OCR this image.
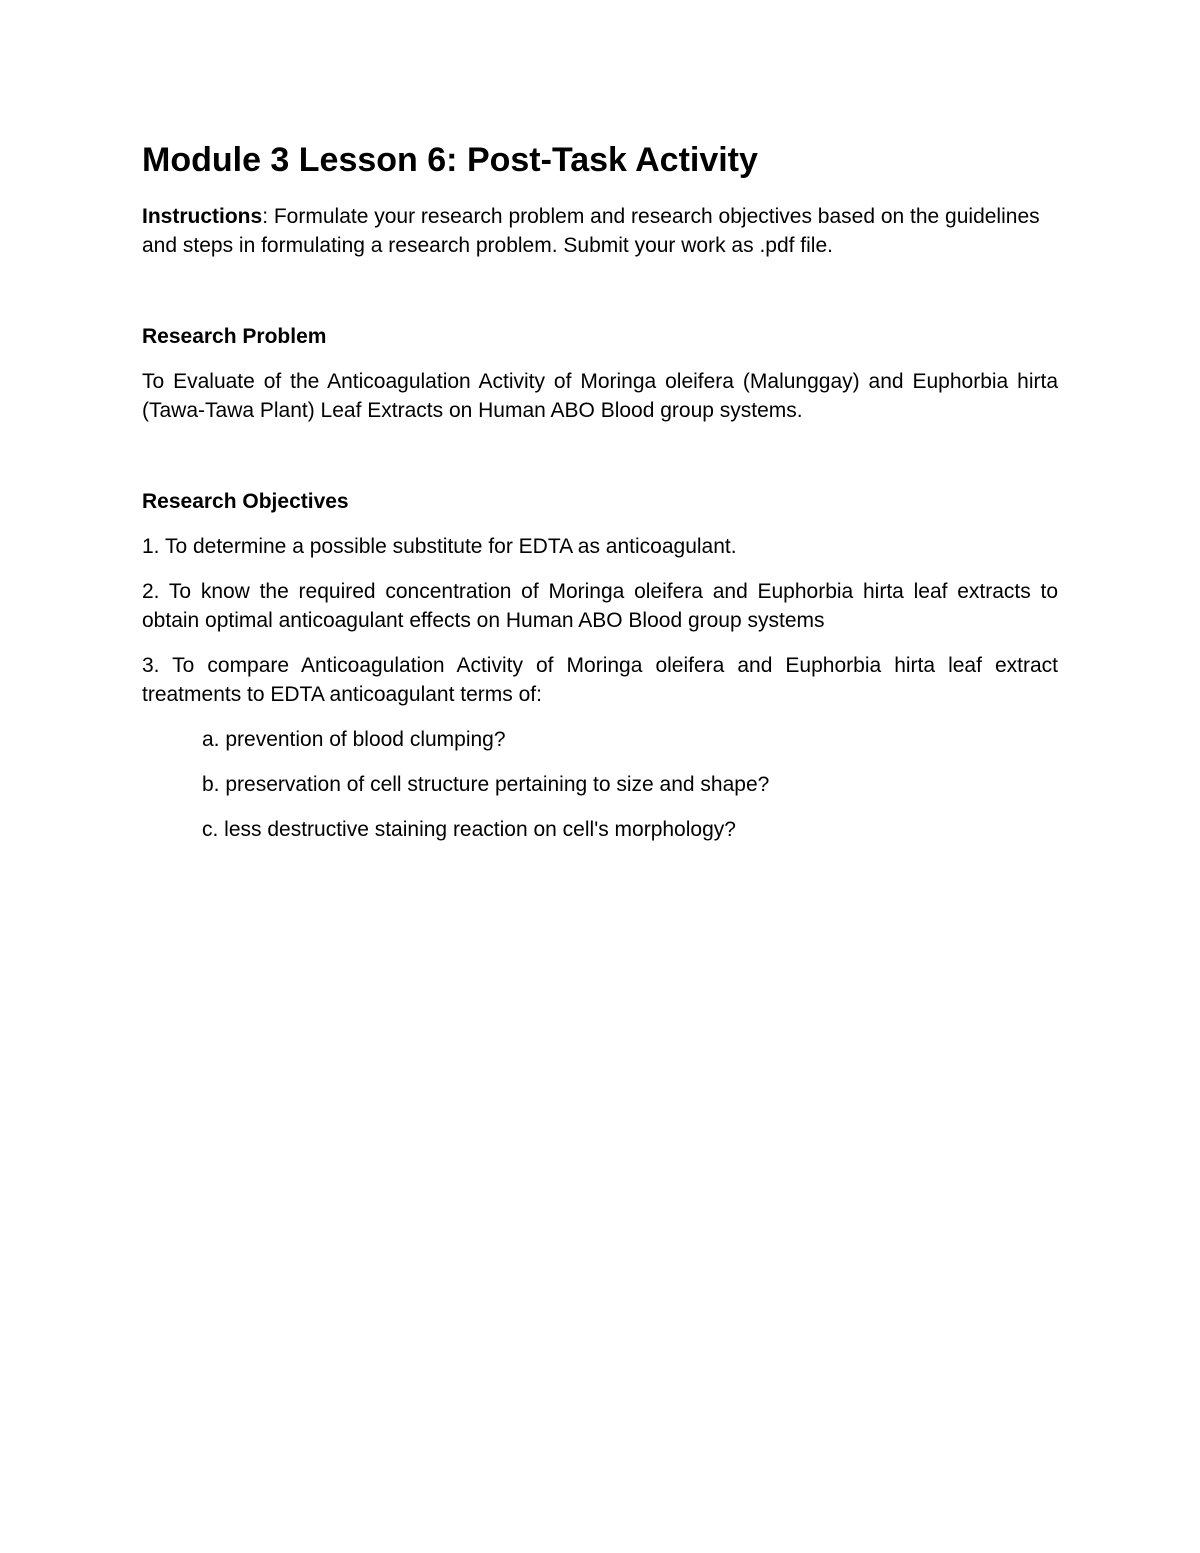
Module 3 Lesson 6: Post-Task Activity

Instructions: Formulate your research problem and research objectives based on the guidelines and steps in formulating a research problem. Submit your work as .pdf file.

Research Problem

To Evaluate of the Anticoagulation Activity of Moringa oleifera (Malunggay) and Euphorbia hirta (Tawa-Tawa Plant) Leaf Extracts on Human ABO Blood group systems.

Research Objectives

1. To determine a possible substitute for EDTA as anticoagulant.

2. To know the required concentration of Moringa oleifera and Euphorbia hirta leaf extracts to obtain optimal anticoagulant effects on Human ABO Blood group systems

3. To compare Anticoagulation Activity of Moringa oleifera and Euphorbia hirta leaf extract treatments to EDTA anticoagulant terms of:

a. prevention of blood clumping?

b. preservation of cell structure pertaining to size and shape?

c. less destructive staining reaction on cell's morphology?
